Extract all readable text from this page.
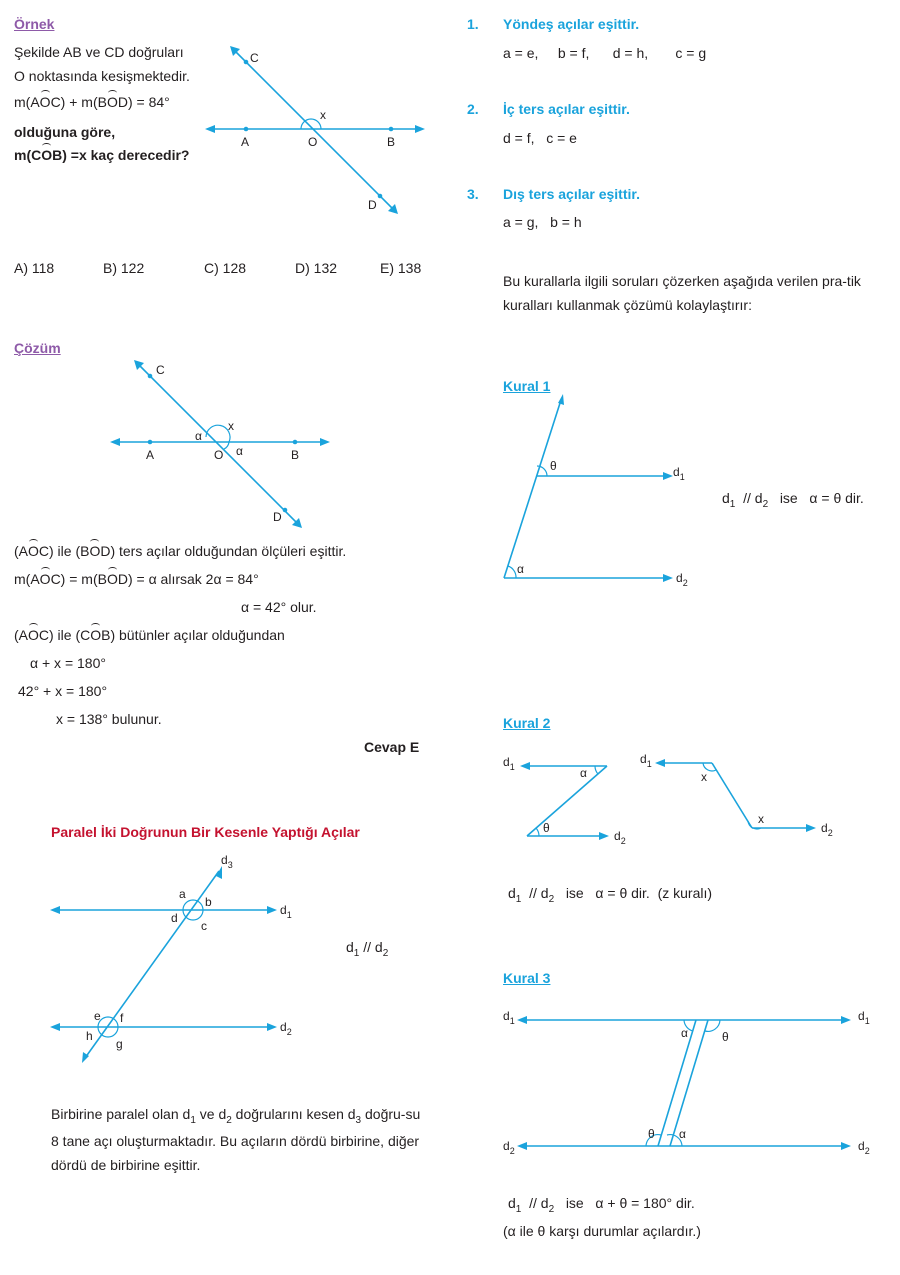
Örnek
Şekilde AB ve CD doğruları
O noktasında kesişmektedir.
m(AOC) + m(BOD) = 84°
olduğuna göre,
m(COB) =x kaç derecedir?
C
x
A	O	B
D
A) 118	B) 122	C) 128	D) 132	E) 138
Çözüm
C
x
α
A	O α	B
D
(AOC) ile (BOD) ters açılar olduğundan ölçüleri eşittir.
m(AOC) = m(BOD) = α alırsak 2α = 84°
α = 42° olur.
(AOC) ile (COB) bütünler açılar olduğundan
α + x = 180°
42° + x = 180°
x = 138° bulunur.
Cevap E
Paralel İki Doğrunun Bir Kesenle Yaptığı Açılar
$d_3$
a
b
d
c
$d_1$
e f
h
g
$d_2$
$d_1 // d_2$
Birbirine paralel olan $d_1$ ve $d_2$ doğrularını kesen $d_3$ doğru-su 8 tane açı oluşturmaktadır. Bu açıların dördü birbirine, diğer dördü de birbirine eşittir.
1. Yöndeş açılar eşittir.
a = e,     b = f,      d = h,       c = g
2. İç ters açılar eşittir.
d = f,   c = e
3. Dış ters açılar eşittir.
a = g,   b = h
Bu kurallarla ilgili soruları çözerken aşağıda verilen pra-tik kuralları kullanmak çözümü kolaylaştırır:
Kural 1
θ
α
$d_1$
$d_2$
$d_1 // d_2$   ise   α = θ dir.
Kural 2
α
θ
$d_1$
$d_2$
x
x
$d_1$
$d_2$
$d_1 // d_2$   ise   α = θ dir.  (z kuralı)
Kural 3
α	θ
θ α
$d_1$	$d_1$
$d_2$	$d_2$
$d_1 // d_2$   ise   α + θ = 180° dir.
(α ile θ karşı durumlar açılardır.)
